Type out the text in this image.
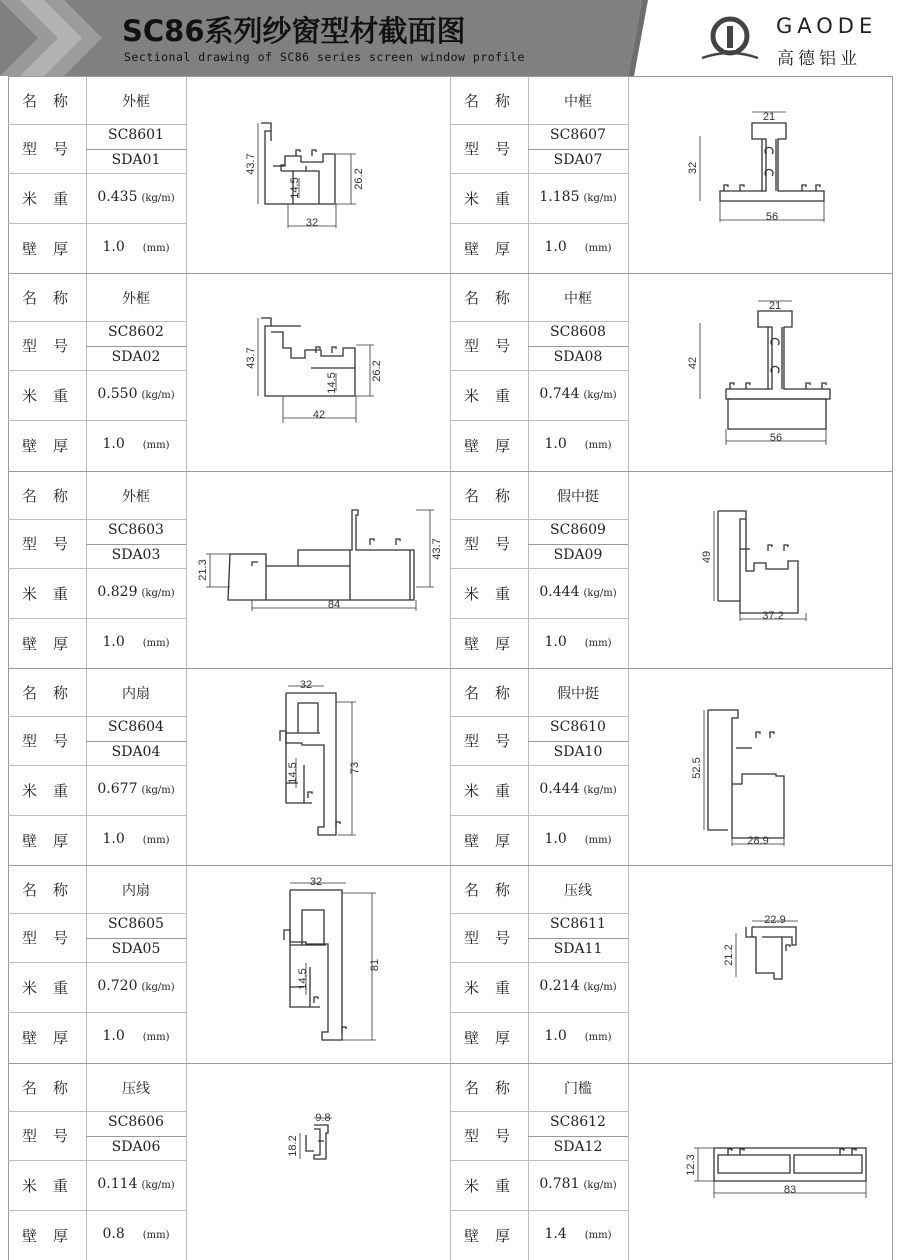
SC86系列纱窗型材截面图
Sectional drawing of SC86 series screen window profile
GAODE
高德铝业
名称
型号
米重
壁厚
外框
SC8601
SDA01
0.435 (kg/m)
1.0 (mm)
名称
型号
米重
壁厚
中框
SC8607
SDA07
1.185 (kg/m)
1.0 (mm)
名称
型号
米重
壁厚
外框
SC8602
SDA02
0.550 (kg/m)
1.0 (mm)
名称
型号
米重
壁厚
中框
SC8608
SDA08
0.744 (kg/m)
1.0 (mm)
名称
型号
米重
壁厚
外框
SC8603
SDA03
0.829 (kg/m)
1.0 (mm)
名称
型号
米重
壁厚
假中挺
SC8609
SDA09
0.444 (kg/m)
1.0 (mm)
名称
型号
米重
壁厚
内扇
SC8604
SDA04
0.677 (kg/m)
1.0 (mm)
名称
型号
米重
壁厚
假中挺
SC8610
SDA10
0.444 (kg/m)
1.0 (mm)
名称
型号
米重
壁厚
内扇
SC8605
SDA05
0.720 (kg/m)
1.0 (mm)
名称
型号
米重
壁厚
压线
SC8611
SDA11
0.214 (kg/m)
1.0 (mm)
名称
型号
米重
壁厚
压线
SC8606
SDA06
0.114 (kg/m)
0.8 (mm)
名称
型号
米重
壁厚
门槛
SC8612
SDA12
0.781 (kg/m)
1.4 (mm)
43.7
26.2
14.5
32
21
32
56
43.7
26.2
14.5
42
21
42
56
21.3
43.7
84
49
37.2
32
73
14.5	52.5
28.9
32
81
14.5
22.9
21.2
9.8
18.2
12.3
83
